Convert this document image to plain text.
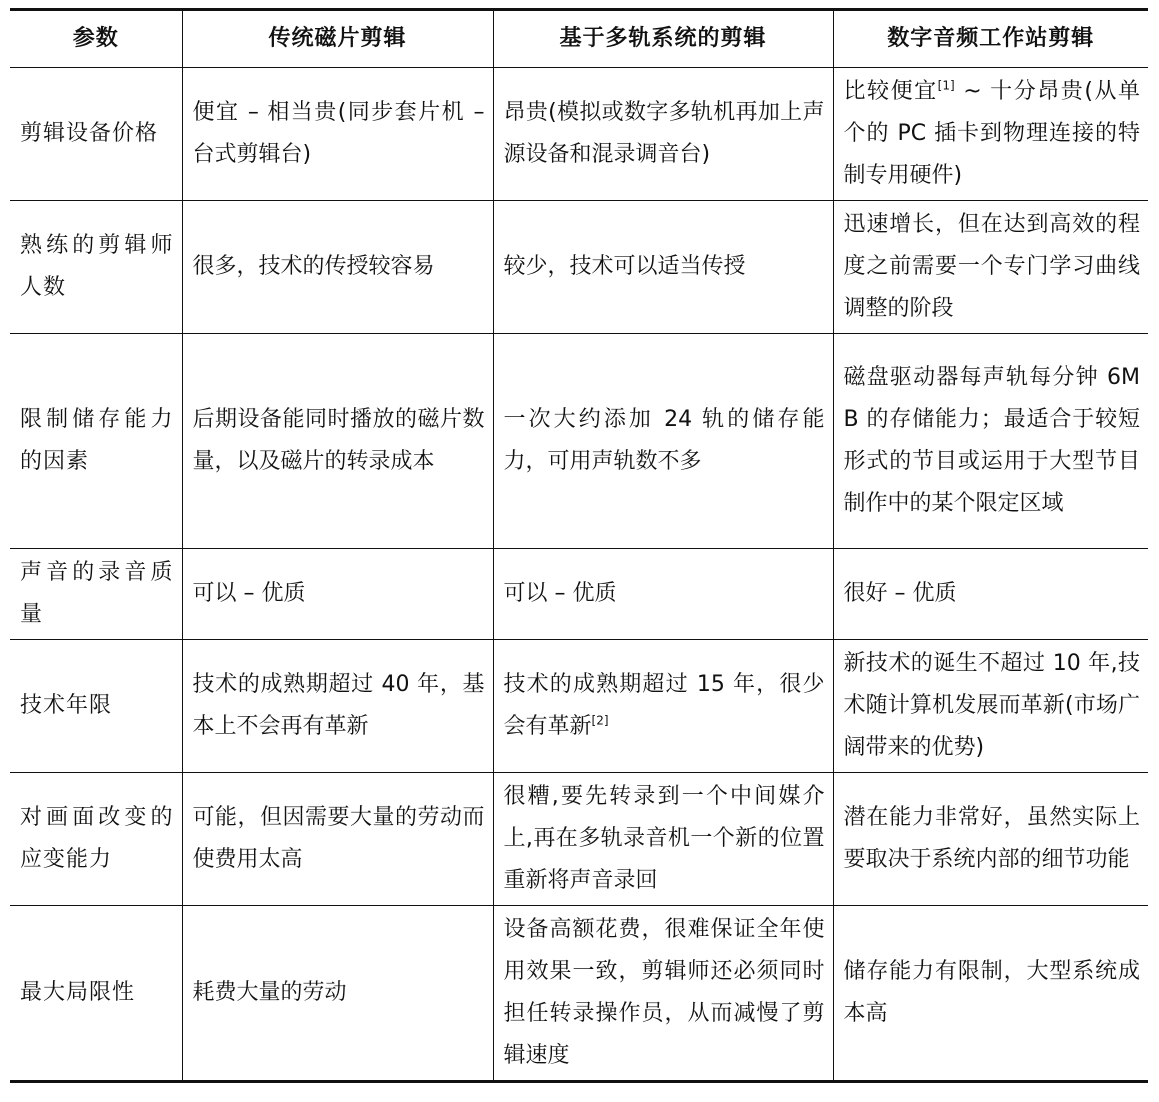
参数	传统磁片剪辑	基于多轨系统的剪辑	数字音频工作站剪辑
剪辑设备价格	便宜 – 相当贵(同步套片机 – 台式剪辑台)	昂贵(模拟或数字多轨机再加上声源设备和混录调音台)	比较便宜[1] ~ 十分昂贵(从单个的 PC 插卡到物理连接的特制专用硬件)
熟练的剪辑师人数	很多，技术的传授较容易	较少，技术可以适当传授	迅速增长，但在达到高效的程度之前需要一个专门学习曲线调整的阶段
限制储存能力的因素	后期设备能同时播放的磁片数量，以及磁片的转录成本	一次大约添加 24 轨的储存能力，可用声轨数不多	磁盘驱动器每声轨每分钟 6MB 的存储能力；最适合于较短形式的节目或运用于大型节目制作中的某个限定区域
声音的录音质量	可以 – 优质	可以 – 优质	很好 – 优质
技术年限	技术的成熟期超过 40 年，基本上不会再有革新	技术的成熟期超过 15 年，很少会有革新[2]	新技术的诞生不超过 10 年,技术随计算机发展而革新(市场广阔带来的优势)
对画面改变的应变能力	可能，但因需要大量的劳动而使费用太高	很糟,要先转录到一个中间媒介上,再在多轨录音机一个新的位置重新将声音录回	潜在能力非常好，虽然实际上要取决于系统内部的细节功能
最大局限性	耗费大量的劳动	设备高额花费，很难保证全年使用效果一致，剪辑师还必须同时担任转录操作员，从而减慢了剪辑速度	储存能力有限制，大型系统成本高
